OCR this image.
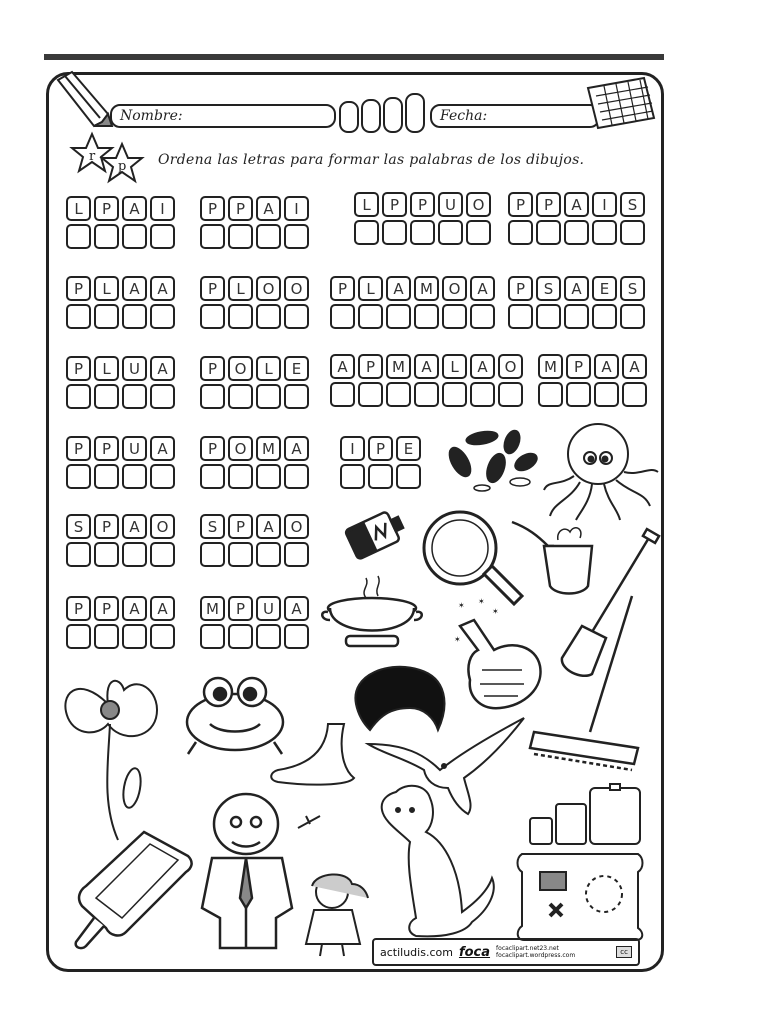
Nombre:	Fecha:
r
p Ordena las letras para formar las palabras de los dibujos.
L	P	A	I	P	P	A	I	L	P	P	U	O	P	P	A	I	S
P	L	A	A	P	L	O	O	P	L	A	M	O	A	P	S	A	E	S
P	L	U	A	P	O	L	E	A	P	M	A	L	A	O	M	P	A	A
P	P	U	A	P	O	M	A	I	P	E
S	P	A	O	S	P	A	O
P	P	A	A	M	P	U	A	✶ ✶
✶
✶
actiludis.com foca focaclipart.net23.net
focaclipart.wordpress.com	cc
